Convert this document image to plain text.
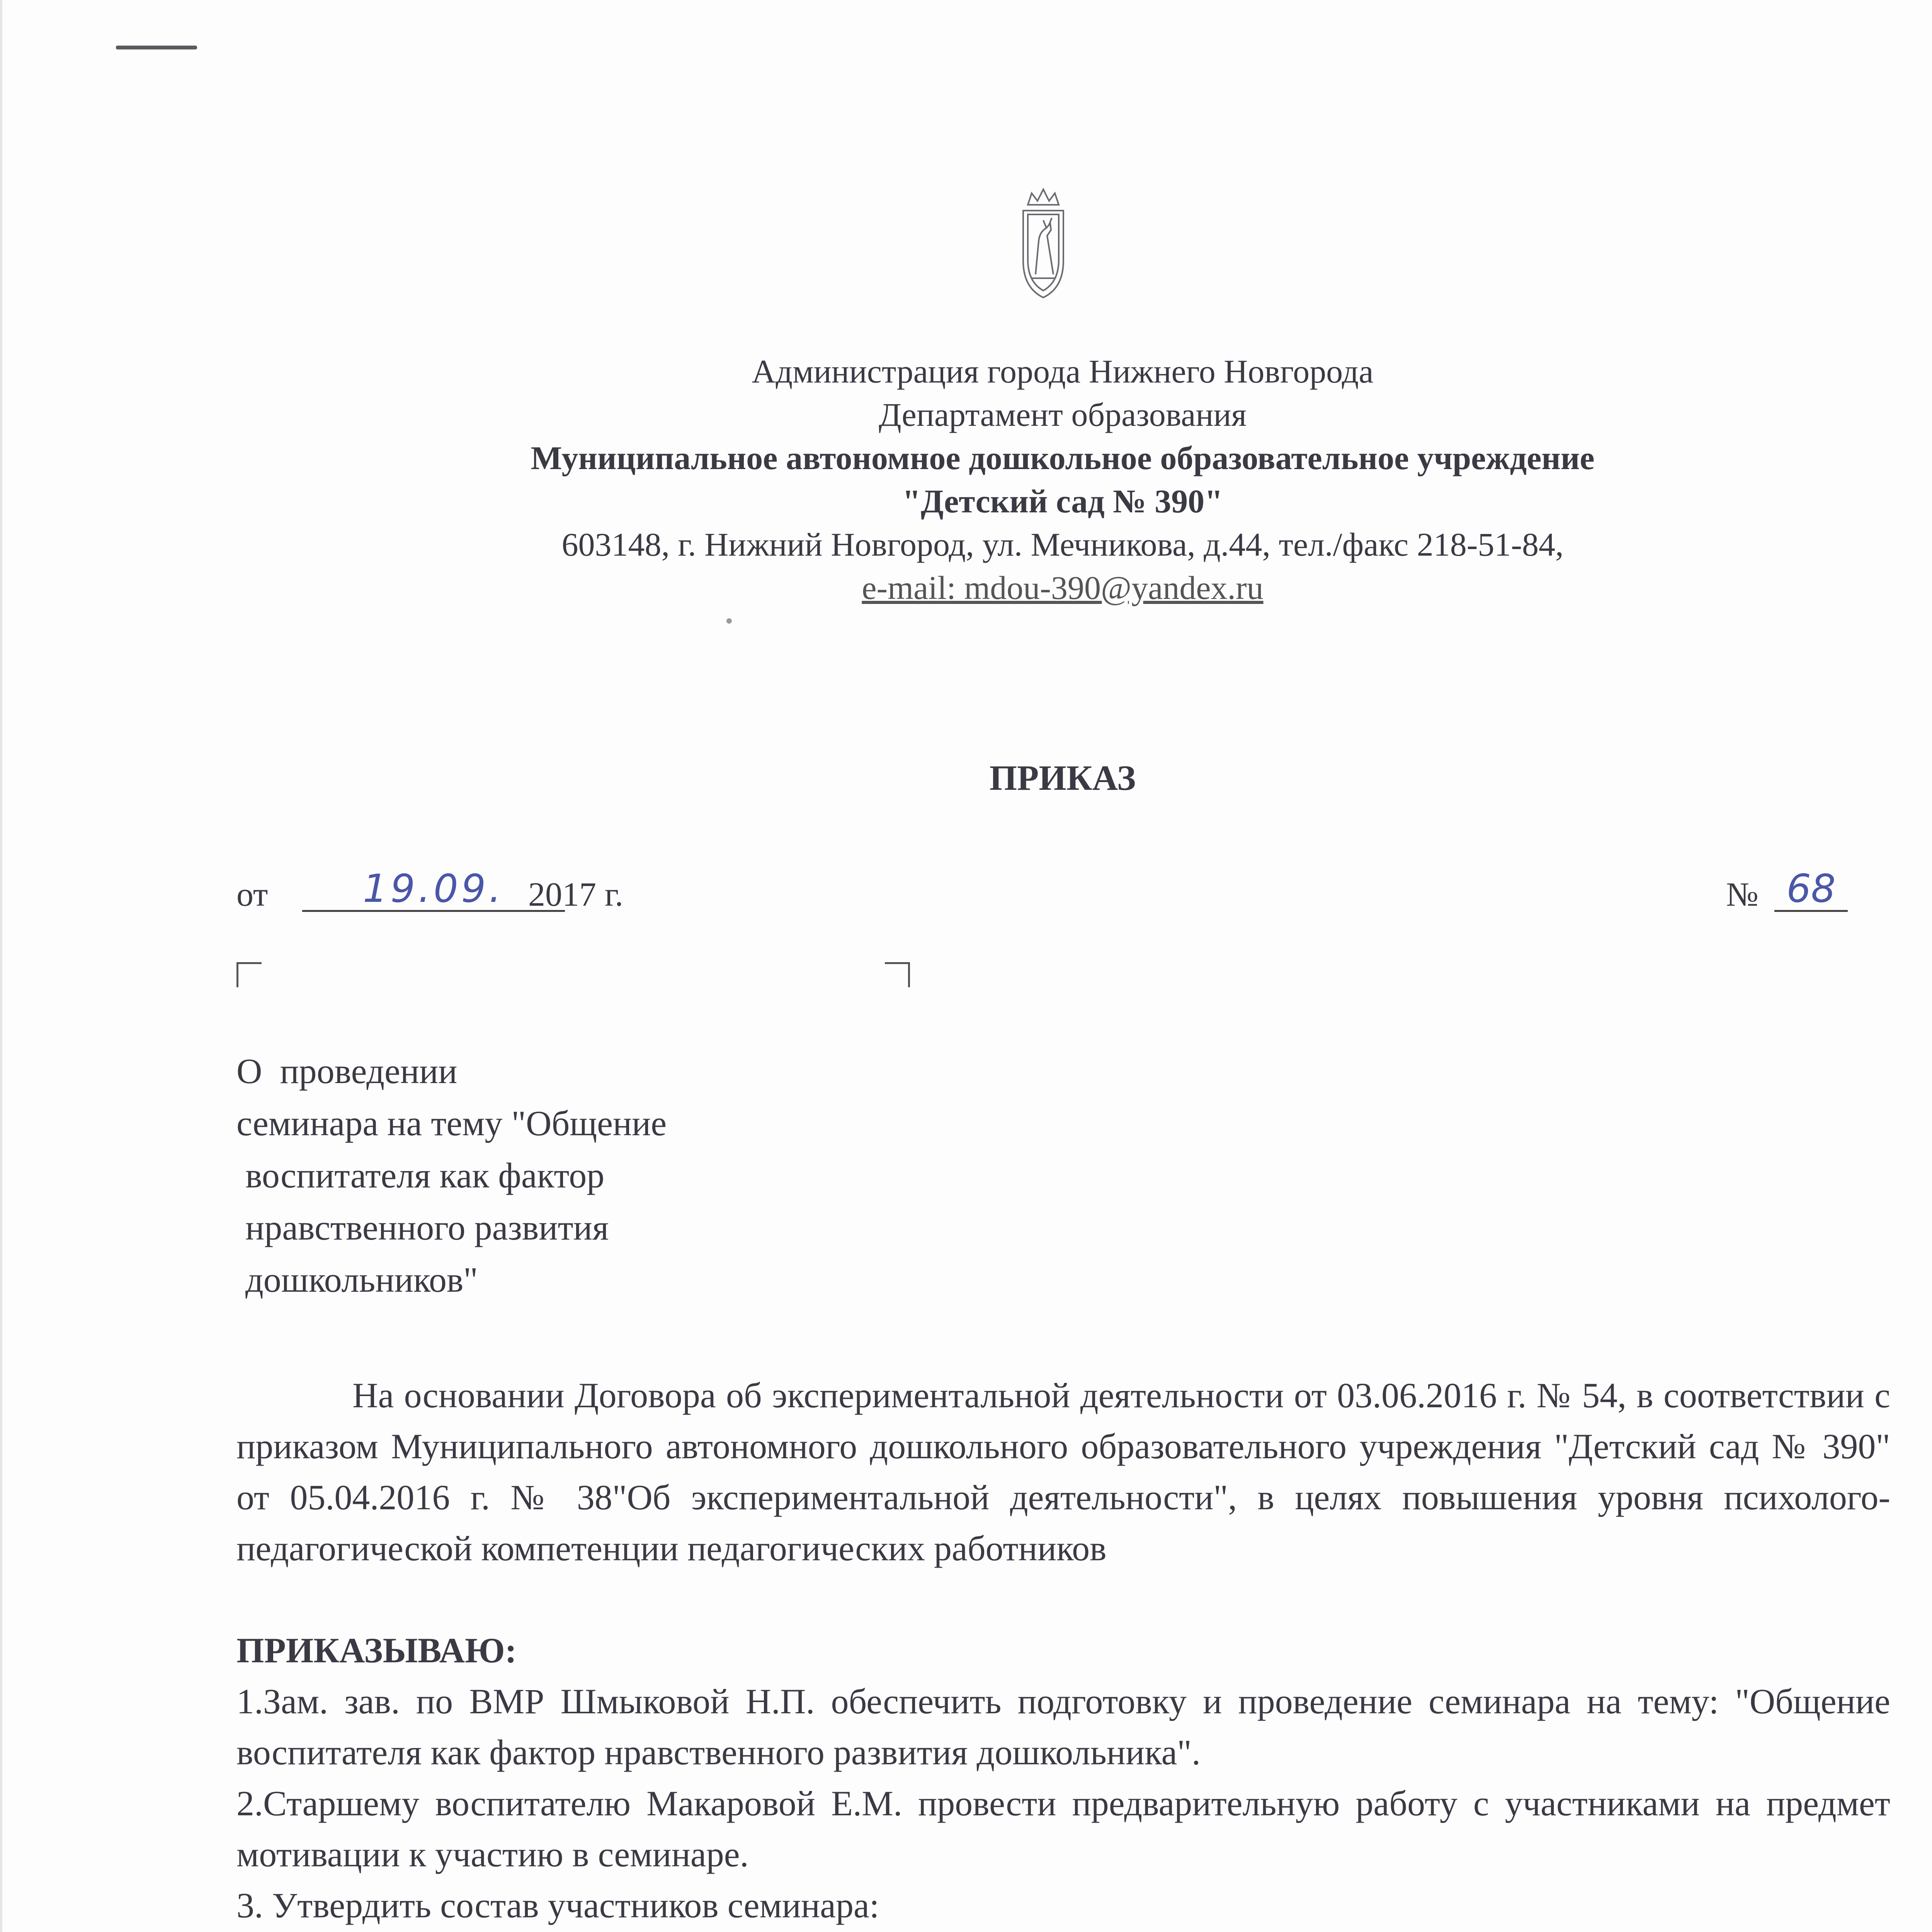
Администрация города Нижнего Новгорода
Департамент образования
Муниципальное автономное дошкольное образовательное учреждение
"Детский сад № 390"
603148, г. Нижний Новгород, ул. Мечникова, д.44, тел./факс 218-51-84,
e-mail: mdou-390@yandex.ru
ПРИКАЗ
от	19.09. 2017 г.	№ 68
О  проведении
семинара на тему "Общение
воспитателя как фактор
нравственного развития
дошкольников"
На основании Договора об экспериментальной деятельности от 03.06.2016 г. № 54, в соответствии с приказом Муниципального автономного дошкольного образовательного учреждения "Детский сад № 390" от 05.04.2016 г. № 38"Об экспериментальной деятельности", в целях повышения уровня психолого-педагогической компетенции педагогических работников
ПРИКАЗЫВАЮ:
1.Зам. зав. по ВМР Шмыковой Н.П. обеспечить подготовку и проведение семинара на тему: "Общение воспитателя как фактор нравственного развития дошкольника".
2.Старшему воспитателю Макаровой Е.М. провести предварительную работу с участниками на предмет мотивации к участию в семинаре.
3. Утвердить состав участников семинара:
